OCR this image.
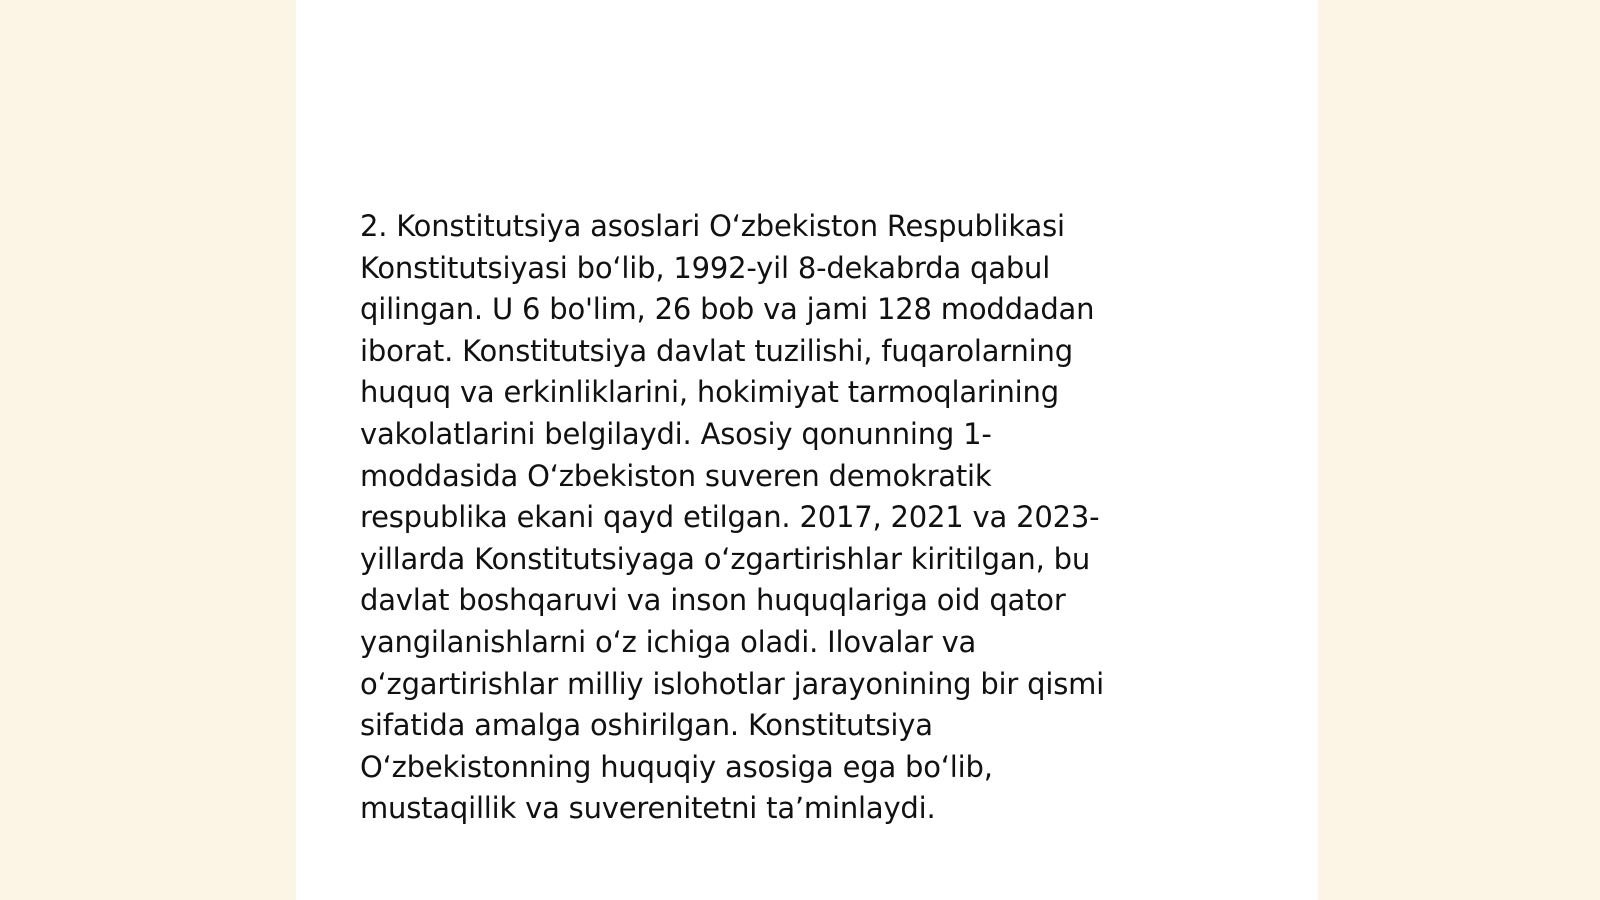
2. Konstitutsiya asoslari Oʻzbekiston Respublikasi
Konstitutsiyasi boʻlib, 1992-yil 8-dekabrda qabul
qilingan. U 6 bo'lim, 26 bob va jami 128 moddadan
iborat. Konstitutsiya davlat tuzilishi, fuqarolarning
huquq va erkinliklarini, hokimiyat tarmoqlarining
vakolatlarini belgilaydi. Asosiy qonunning 1-
moddasida Oʻzbekiston suveren demokratik
respublika ekani qayd etilgan. 2017, 2021 va 2023-
yillarda Konstitutsiyaga oʻzgartirishlar kiritilgan, bu
davlat boshqaruvi va inson huquqlariga oid qator
yangilanishlarni oʻz ichiga oladi. Ilovalar va
oʻzgartirishlar milliy islohotlar jarayonining bir qismi
sifatida amalga oshirilgan. Konstitutsiya
Oʻzbekistonning huquqiy asosiga ega boʻlib,
mustaqillik va suverenitetni taʼminlaydi.
